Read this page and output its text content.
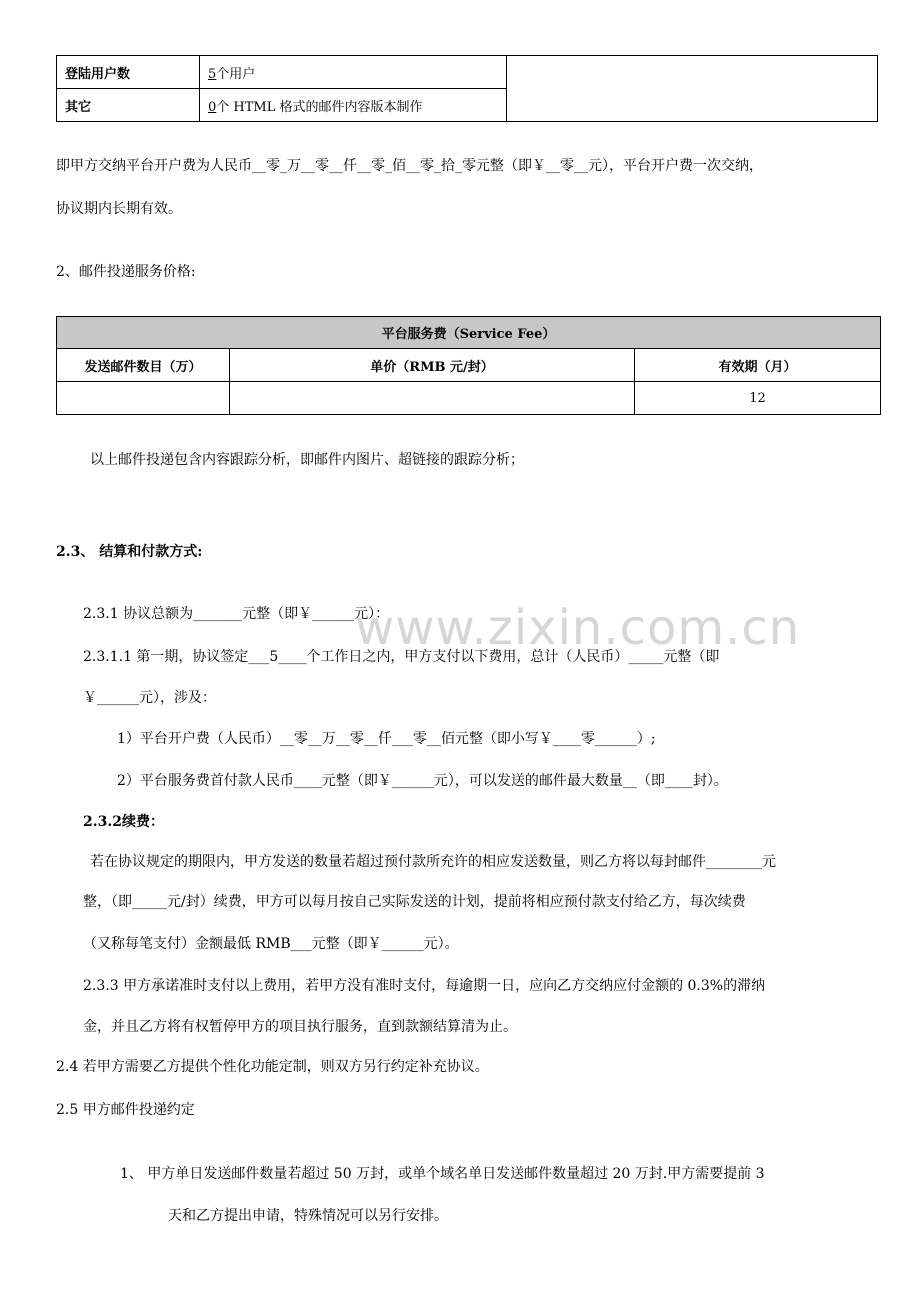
登陆用户数	5个用户	
其它	0个 HTML 格式的邮件内容版本制作	
即甲方交纳平台开户费为人民币__零_万__零__仟__零_佰__零_拾_零元整（即￥__零__元），平台开户费一次交纳，
协议期内长期有效。
2、邮件投递服务价格:
平台服务费（Service Fee）		
发送邮件数目（万）	单价（RMB 元/封）	有效期（月）
		12
以上邮件投递包含内容跟踪分析，即邮件内图片、超链接的跟踪分析；
2.3、 结算和付款方式:
www.zixin.com.cn
2.3.1 协议总额为_______元整（即￥______元）：
2.3.1.1 第一期，协议签定___5____个工作日之内，甲方支付以下费用，总计（人民币）_____元整（即
￥______元），涉及：
1）平台开户费（人民币）__零__万__零__仟___零__佰元整（即小写￥____零______）;
2）平台服务费首付款人民币____元整（即￥______元），可以发送的邮件最大数量__（即____封）。
2.3.2续费：
若在协议规定的期限内，甲方发送的数量若超过预付款所充许的相应发送数量，则乙方将以每封邮件________元
整，（即_____元/封）续费，甲方可以每月按自己实际发送的计划，提前将相应预付款支付给乙方，每次续费
（又称每笔支付）金额最低 RMB___元整（即￥______元）。
2.3.3 甲方承诺准时支付以上费用，若甲方没有准时支付，每逾期一日，应向乙方交纳应付金额的 0.3%的滞纳
金，并且乙方将有权暂停甲方的项目执行服务，直到款额结算清为止。
2.4 若甲方需要乙方提供个性化功能定制，则双方另行约定补充协议。
2.5 甲方邮件投递约定
1、 甲方单日发送邮件数量若超过 50 万封，或单个域名单日发送邮件数量超过 20 万封.甲方需要提前 3
天和乙方提出申请，特殊情况可以另行安排。
